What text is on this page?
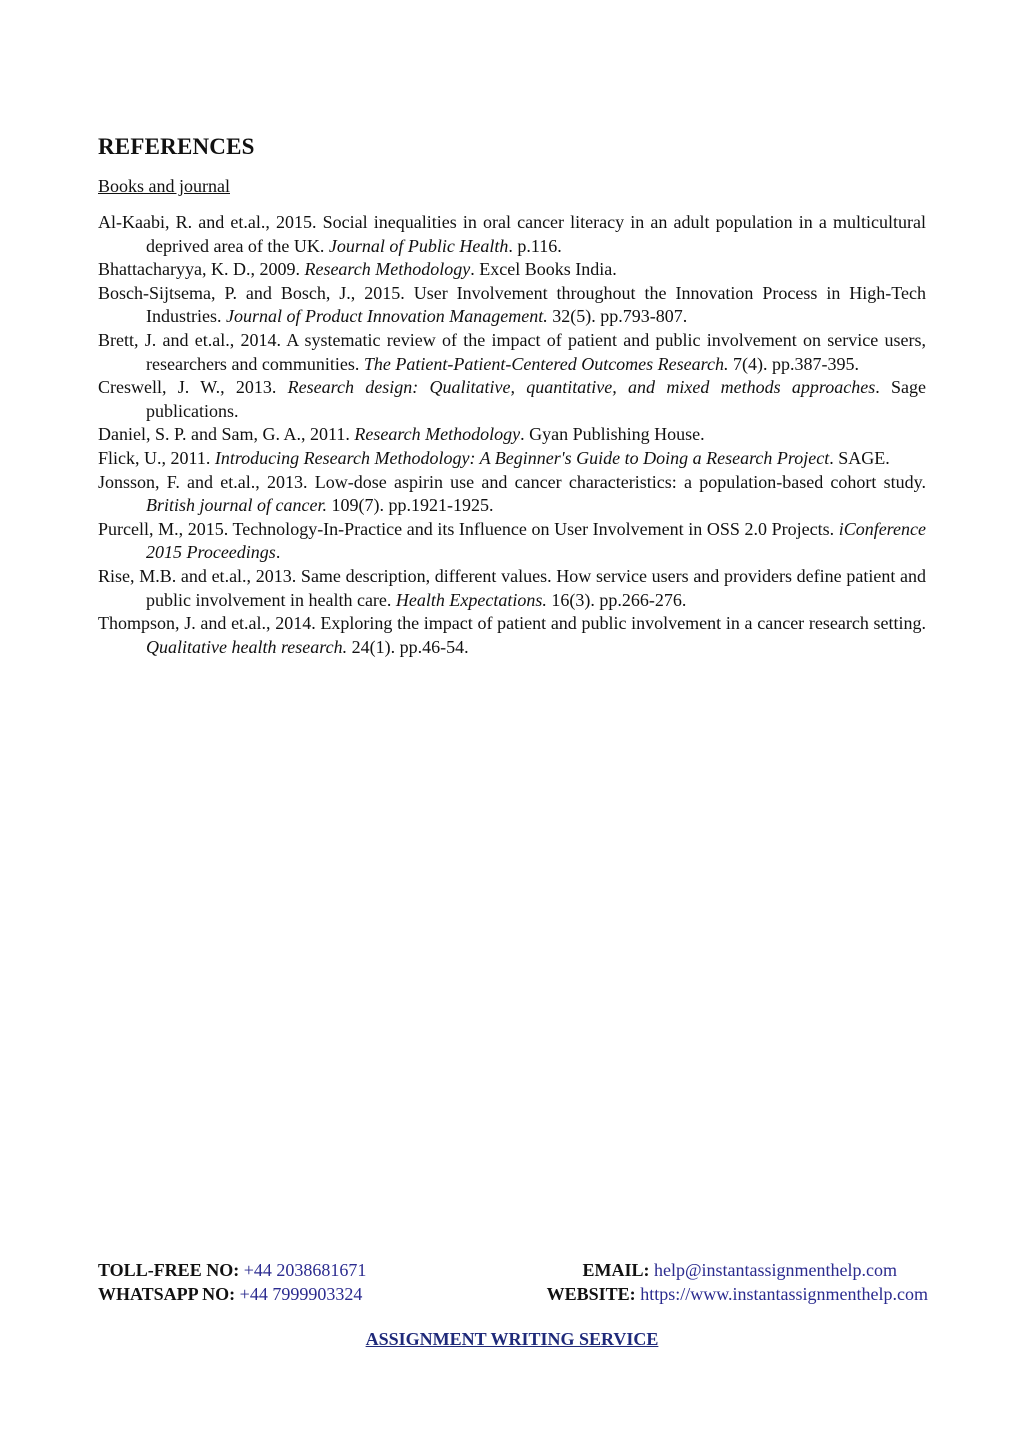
REFERENCES
Books and journal
Al-Kaabi, R. and et.al., 2015. Social inequalities in oral cancer literacy in an adult population in a multicultural deprived area of the UK. Journal of Public Health. p.116.
Bhattacharyya, K. D., 2009. Research Methodology. Excel Books India.
Bosch-Sijtsema, P. and Bosch, J., 2015. User Involvement throughout the Innovation Process in High-Tech Industries. Journal of Product Innovation Management. 32(5). pp.793-807.
Brett, J. and et.al., 2014. A systematic review of the impact of patient and public involvement on service users, researchers and communities. The Patient-Patient-Centered Outcomes Research. 7(4). pp.387-395.
Creswell, J. W., 2013. Research design: Qualitative, quantitative, and mixed methods approaches. Sage publications.
Daniel, S. P. and Sam, G. A., 2011. Research Methodology. Gyan Publishing House.
Flick, U., 2011. Introducing Research Methodology: A Beginner's Guide to Doing a Research Project. SAGE.
Jonsson, F. and et.al., 2013. Low-dose aspirin use and cancer characteristics: a population-based cohort study. British journal of cancer. 109(7). pp.1921-1925.
Purcell, M., 2015. Technology-In-Practice and its Influence on User Involvement in OSS 2.0 Projects. iConference 2015 Proceedings.
Rise, M.B. and et.al., 2013. Same description, different values. How service users and providers define patient and public involvement in health care. Health Expectations. 16(3). pp.266-276.
Thompson, J. and et.al., 2014. Exploring the impact of patient and public involvement in a cancer research setting. Qualitative health research. 24(1). pp.46-54.
TOLL-FREE NO: +44 2038681671	EMAIL: help@instantassignmenthelp.com
WHATSAPP NO: +44 7999903324	WEBSITE: https://www.instantassignmenthelp.com
ASSIGNMENT WRITING SERVICE
